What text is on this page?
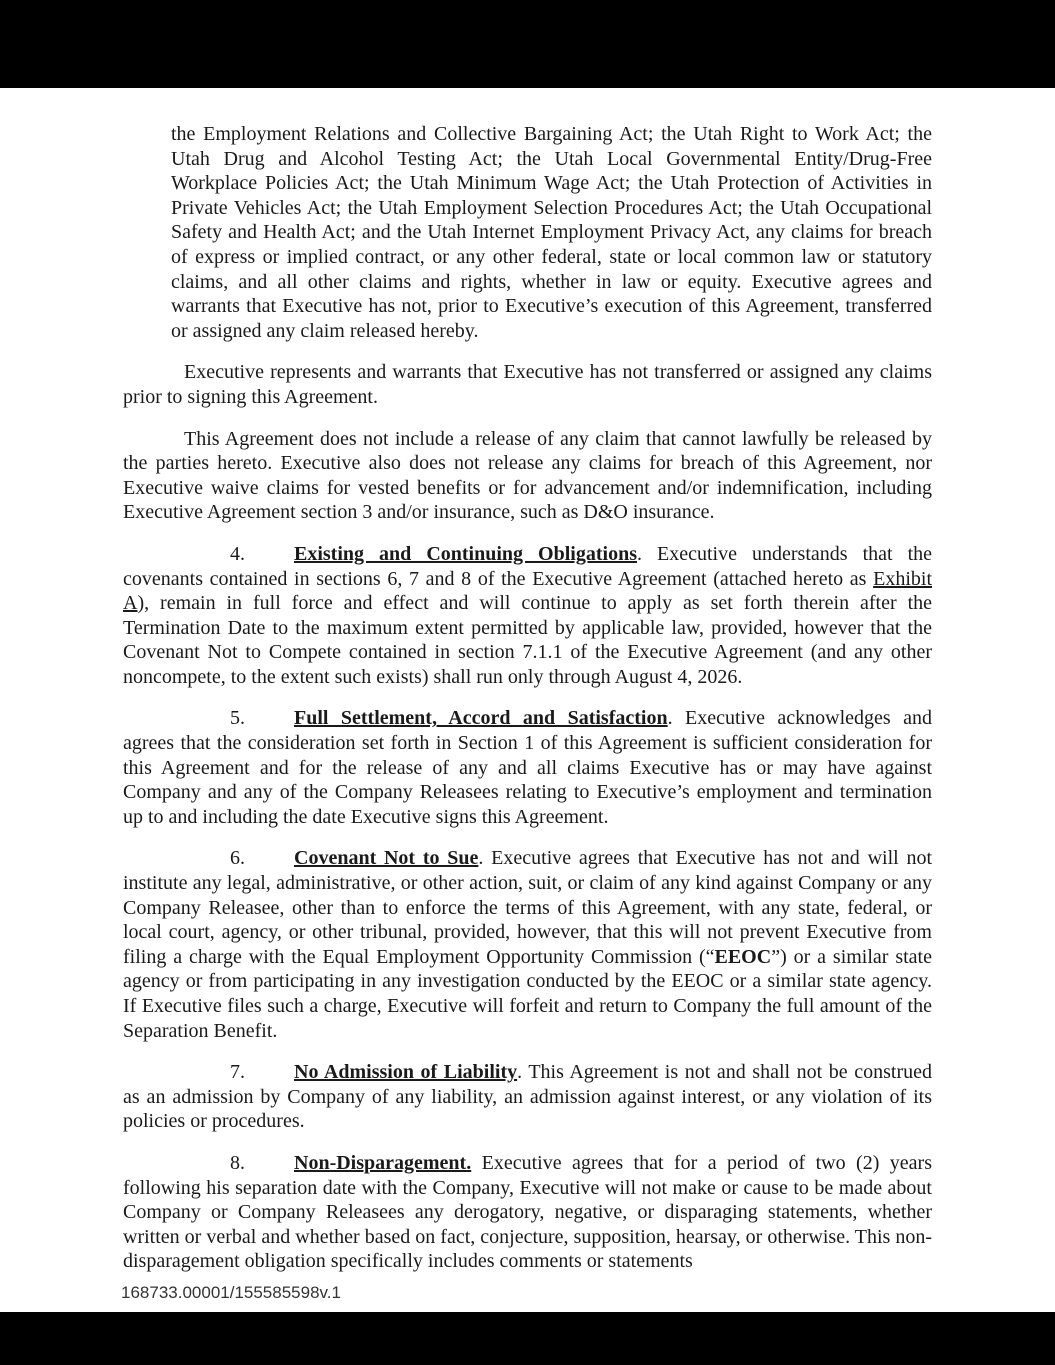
the Employment Relations and Collective Bargaining Act; the Utah Right to Work Act; the Utah Drug and Alcohol Testing Act; the Utah Local Governmental Entity/Drug-Free Workplace Policies Act; the Utah Minimum Wage Act; the Utah Protection of Activities in Private Vehicles Act; the Utah Employment Selection Procedures Act; the Utah Occupational Safety and Health Act; and the Utah Internet Employment Privacy Act, any claims for breach of express or implied contract, or any other federal, state or local common law or statutory claims, and all other claims and rights, whether in law or equity. Executive agrees and warrants that Executive has not, prior to Executive’s execution of this Agreement, transferred or assigned any claim released hereby.

Executive represents and warrants that Executive has not transferred or assigned any claims prior to signing this Agreement.

This Agreement does not include a release of any claim that cannot lawfully be released by the parties hereto. Executive also does not release any claims for breach of this Agreement, nor Executive waive claims for vested benefits or for advancement and/or indemnification, including Executive Agreement section 3 and/or insurance, such as D&O insurance.

4. Existing and Continuing Obligations. Executive understands that the covenants contained in sections 6, 7 and 8 of the Executive Agreement (attached hereto as Exhibit A), remain in full force and effect and will continue to apply as set forth therein after the Termination Date to the maximum extent permitted by applicable law, provided, however that the Covenant Not to Compete contained in section 7.1.1 of the Executive Agreement (and any other noncompete, to the extent such exists) shall run only through August 4, 2026.

5. Full Settlement, Accord and Satisfaction. Executive acknowledges and agrees that the consideration set forth in Section 1 of this Agreement is sufficient consideration for this Agreement and for the release of any and all claims Executive has or may have against Company and any of the Company Releasees relating to Executive’s employment and termination up to and including the date Executive signs this Agreement.

6. Covenant Not to Sue. Executive agrees that Executive has not and will not institute any legal, administrative, or other action, suit, or claim of any kind against Company or any Company Releasee, other than to enforce the terms of this Agreement, with any state, federal, or local court, agency, or other tribunal, provided, however, that this will not prevent Executive from filing a charge with the Equal Employment Opportunity Commission (“EEOC”) or a similar state agency or from participating in any investigation conducted by the EEOC or a similar state agency. If Executive files such a charge, Executive will forfeit and return to Company the full amount of the Separation Benefit.

7. No Admission of Liability. This Agreement is not and shall not be construed as an admission by Company of any liability, an admission against interest, or any violation of its policies or procedures.

8. Non-Disparagement. Executive agrees that for a period of two (2) years following his separation date with the Company, Executive will not make or cause to be made about Company or Company Releasees any derogatory, negative, or disparaging statements, whether written or verbal and whether based on fact, conjecture, supposition, hearsay, or otherwise. This non-disparagement obligation specifically includes comments or statements

168733.00001/155585598v.1
